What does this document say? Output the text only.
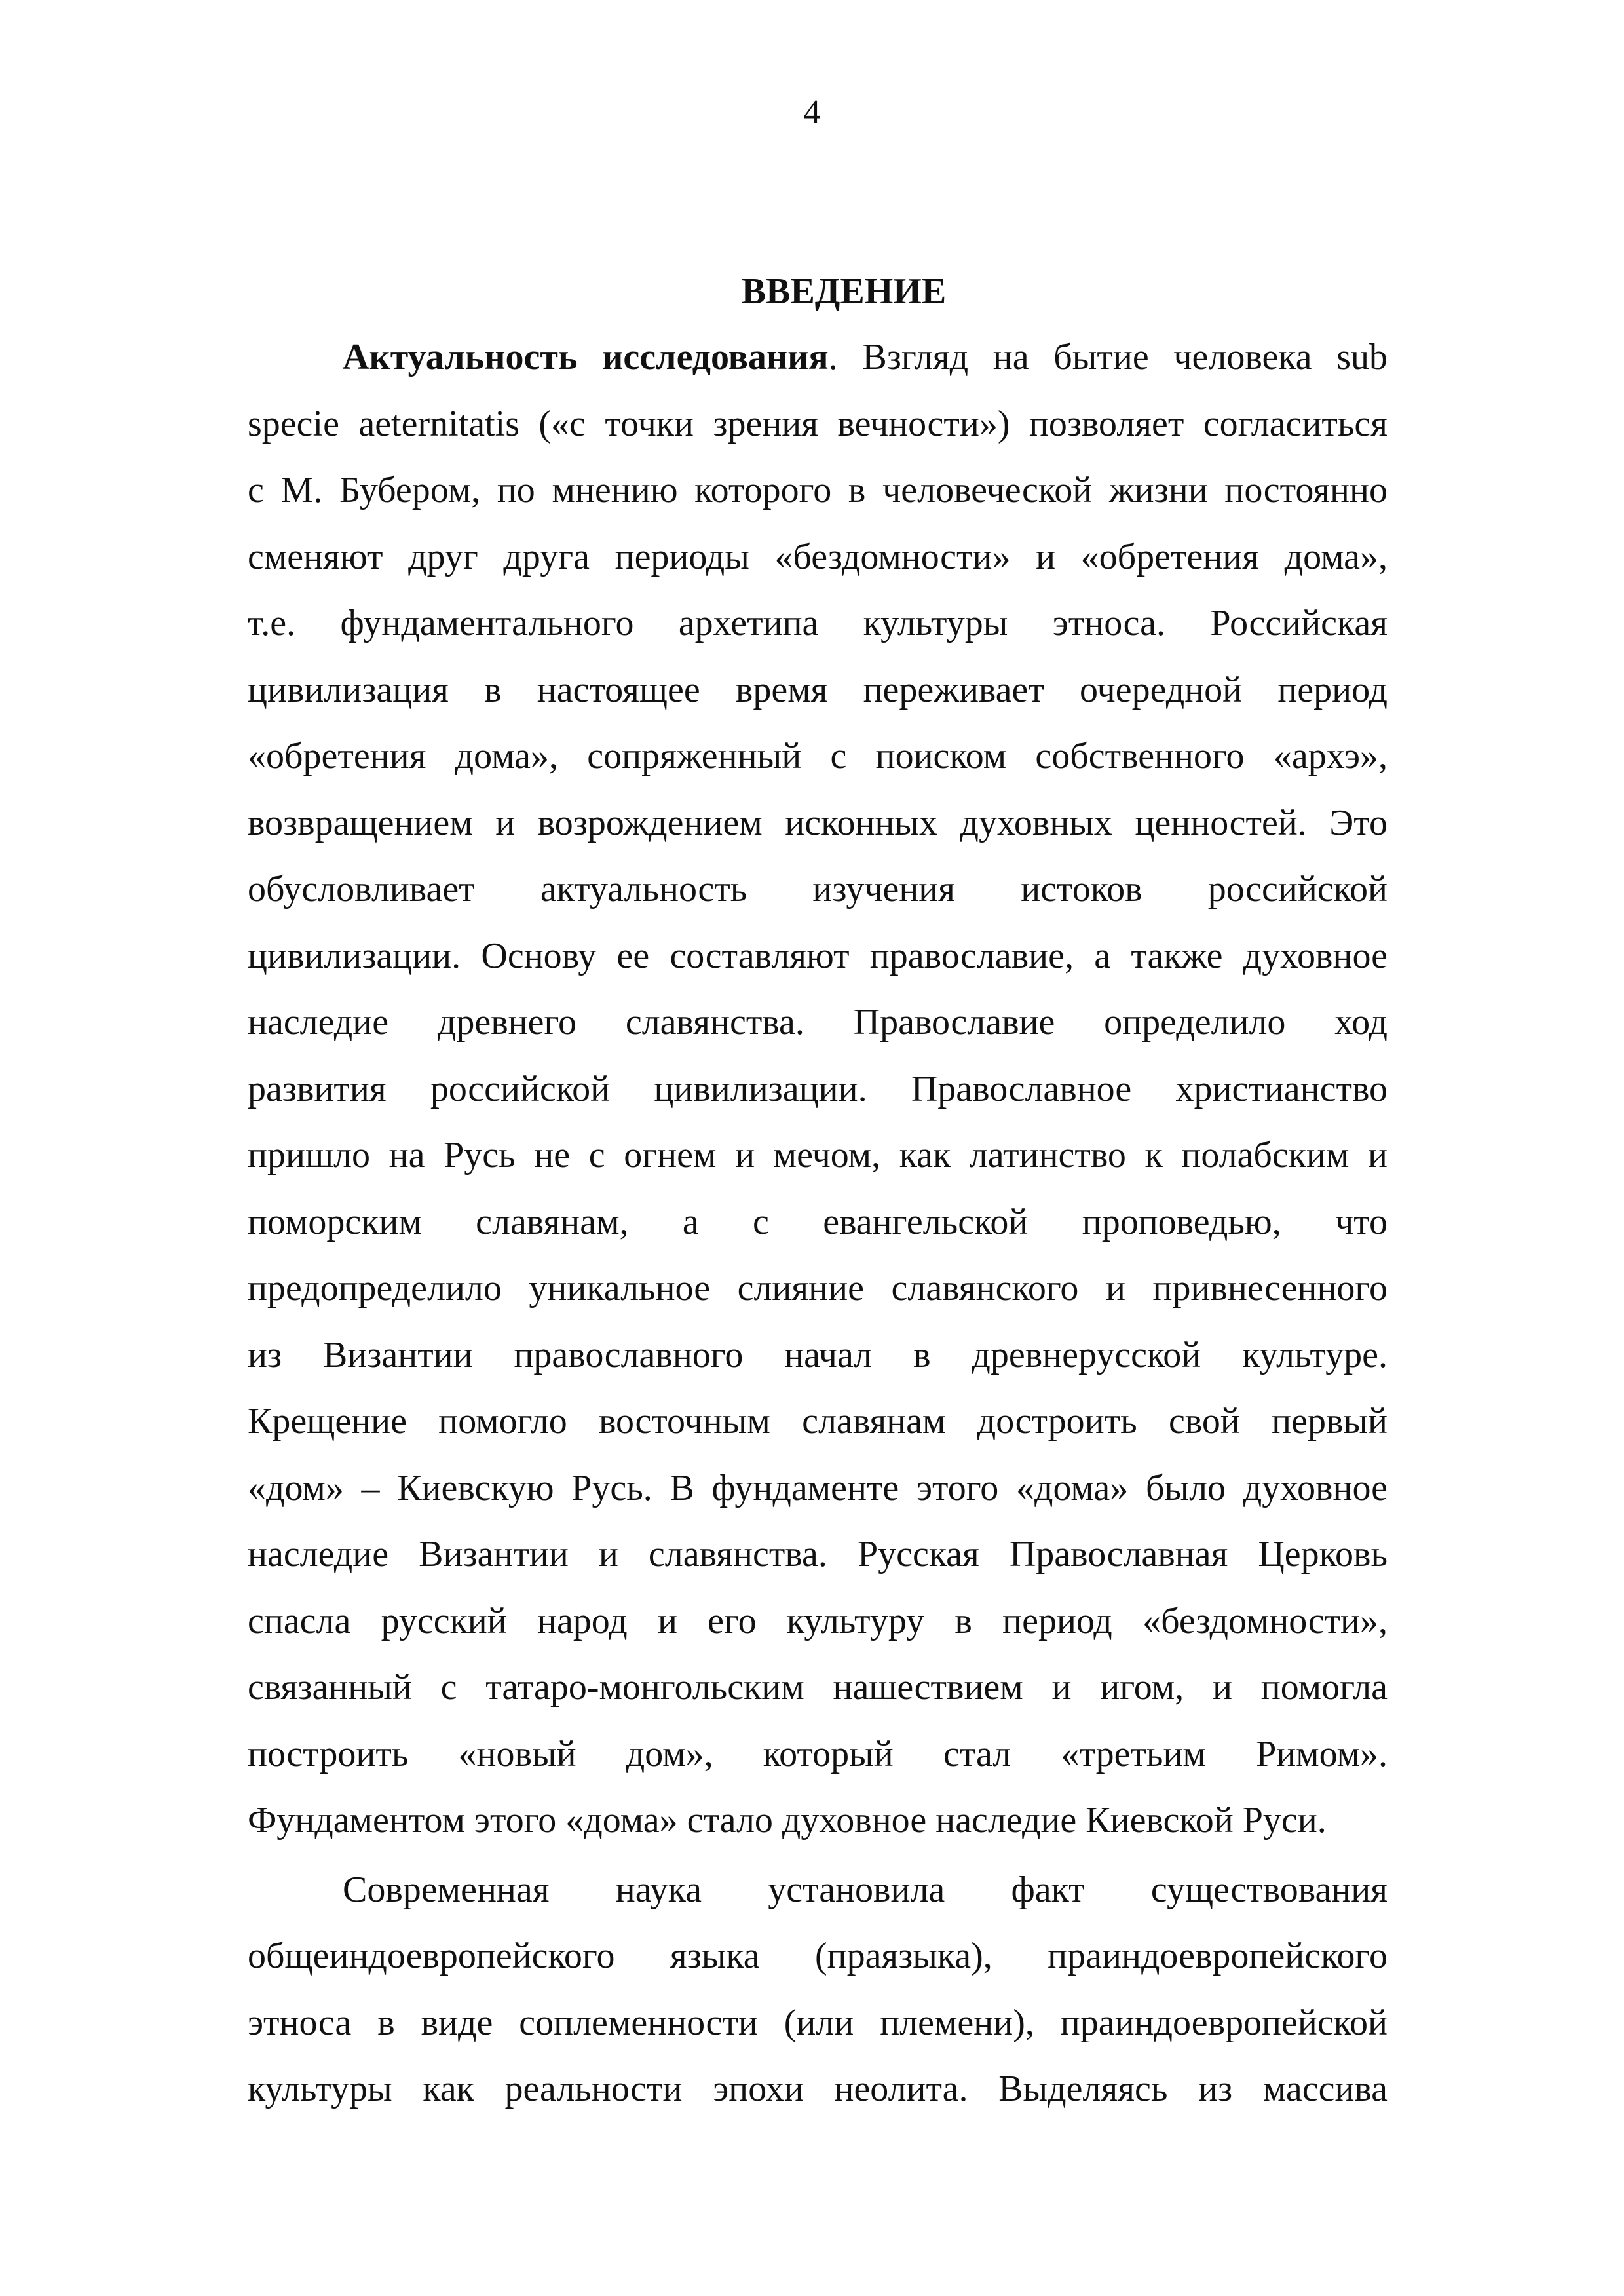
4
ВВЕДЕНИЕ
Актуальность исследования. Взгляд на бытие человека sub
specie aeternitatis («с точки зрения вечности») позволяет согласиться
с М. Бубером, по мнению которого в человеческой жизни постоянно
сменяют друг друга периоды «бездомности» и «обретения дома»,
т.е. фундаментального архетипа культуры этноса. Российская
цивилизация в настоящее время переживает очередной период
«обретения дома», сопряженный с поиском собственного «архэ»,
возвращением и возрождением исконных духовных ценностей. Это
обусловливает актуальность изучения истоков российской
цивилизации. Основу ее составляют православие, а также духовное
наследие древнего славянства. Православие определило ход
развития российской цивилизации. Православное христианство
пришло на Русь не с огнем и мечом, как латинство к полабским и
поморским славянам, а с евангельской проповедью, что
предопределило уникальное слияние славянского и привнесенного
из Византии православного начал в древнерусской культуре.
Крещение помогло восточным славянам достроить свой первый
«дом» – Киевскую Русь. В фундаменте этого «дома» было духовное
наследие Византии и славянства. Русская Православная Церковь
спасла русский народ и его культуру в период «бездомности»,
связанный с татаро-монгольским нашествием и игом, и помогла
построить «новый дом», который стал «третьим Римом».
Фундаментом этого «дома» стало духовное наследие Киевской Руси.
Современная наука установила факт существования
общеиндоевропейского языка (праязыка), праиндоевропейского
этноса в виде соплеменности (или племени), праиндоевропейской
культуры как реальности эпохи неолита. Выделяясь из массива
